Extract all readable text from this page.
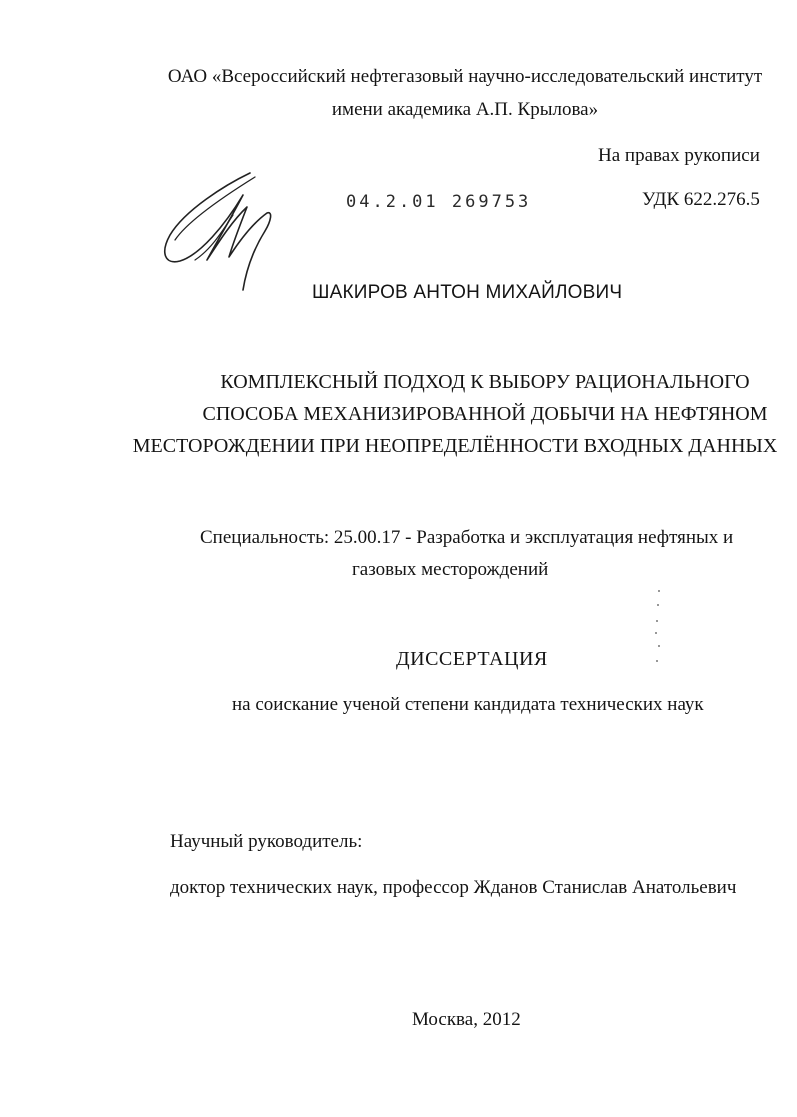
ОАО «Всероссийский нефтегазовый научно-исследовательский институт
имени академика А.П. Крылова»
На правах рукописи
04.2.01 269753	УДК 622.276.5
ШАКИРОВ АНТОН МИХАЙЛОВИЧ
КОМПЛЕКСНЫЙ ПОДХОД К ВЫБОРУ РАЦИОНАЛЬНОГО
СПОСОБА МЕХАНИЗИРОВАННОЙ ДОБЫЧИ НА НЕФТЯНОМ
МЕСТОРОЖДЕНИИ ПРИ НЕОПРЕДЕЛЁННОСТИ ВХОДНЫХ ДАННЫХ
Специальность: 25.00.17 - Разработка и эксплуатация нефтяных и
газовых месторождений
ДИССЕРТАЦИЯ
на соискание ученой степени кандидата технических наук
Научный руководитель:
доктор технических наук, профессор Жданов Станислав Анатольевич
Москва, 2012
